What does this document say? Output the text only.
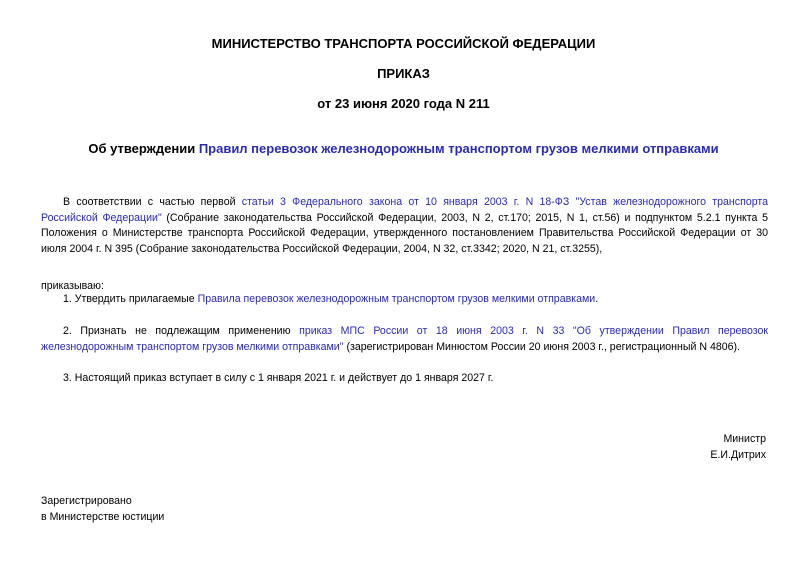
МИНИСТЕРСТВО ТРАНСПОРТА РОССИЙСКОЙ ФЕДЕРАЦИИ
ПРИКАЗ
от 23 июня 2020 года N 211
Об утверждении Правил перевозок железнодорожным транспортом грузов мелкими отправками
В соответствии с частью первой статьи 3 Федерального закона от 10 января 2003 г. N 18-ФЗ "Устав железнодорожного транспорта
Российской Федерации" (Собрание законодательства Российской Федерации, 2003, N 2, ст.170; 2015, N 1, ст.56) и подпунктом 5.2.1 пункта 5
Положения о Министерстве транспорта Российской Федерации, утвержденного постановлением Правительства Российской Федерации от 30
июля 2004 г. N 395 (Собрание законодательства Российской Федерации, 2004, N 32, ст.3342; 2020, N 21, ст.3255),
приказываю:
1. Утвердить прилагаемые Правила перевозок железнодорожным транспортом грузов мелкими отправками.
2. Признать не подлежащим применению приказ МПС России от 18 июня 2003 г. N 33 "Об утверждении Правил перевозок
железнодорожным транспортом грузов мелкими отправками" (зарегистрирован Минюстом России 20 июня 2003 г., регистрационный N 4806).
3. Настоящий приказ вступает в силу с 1 января 2021 г. и действует до 1 января 2027 г.
Министр
Е.И.Дитрих
Зарегистрировано
в Министерстве юстиции
